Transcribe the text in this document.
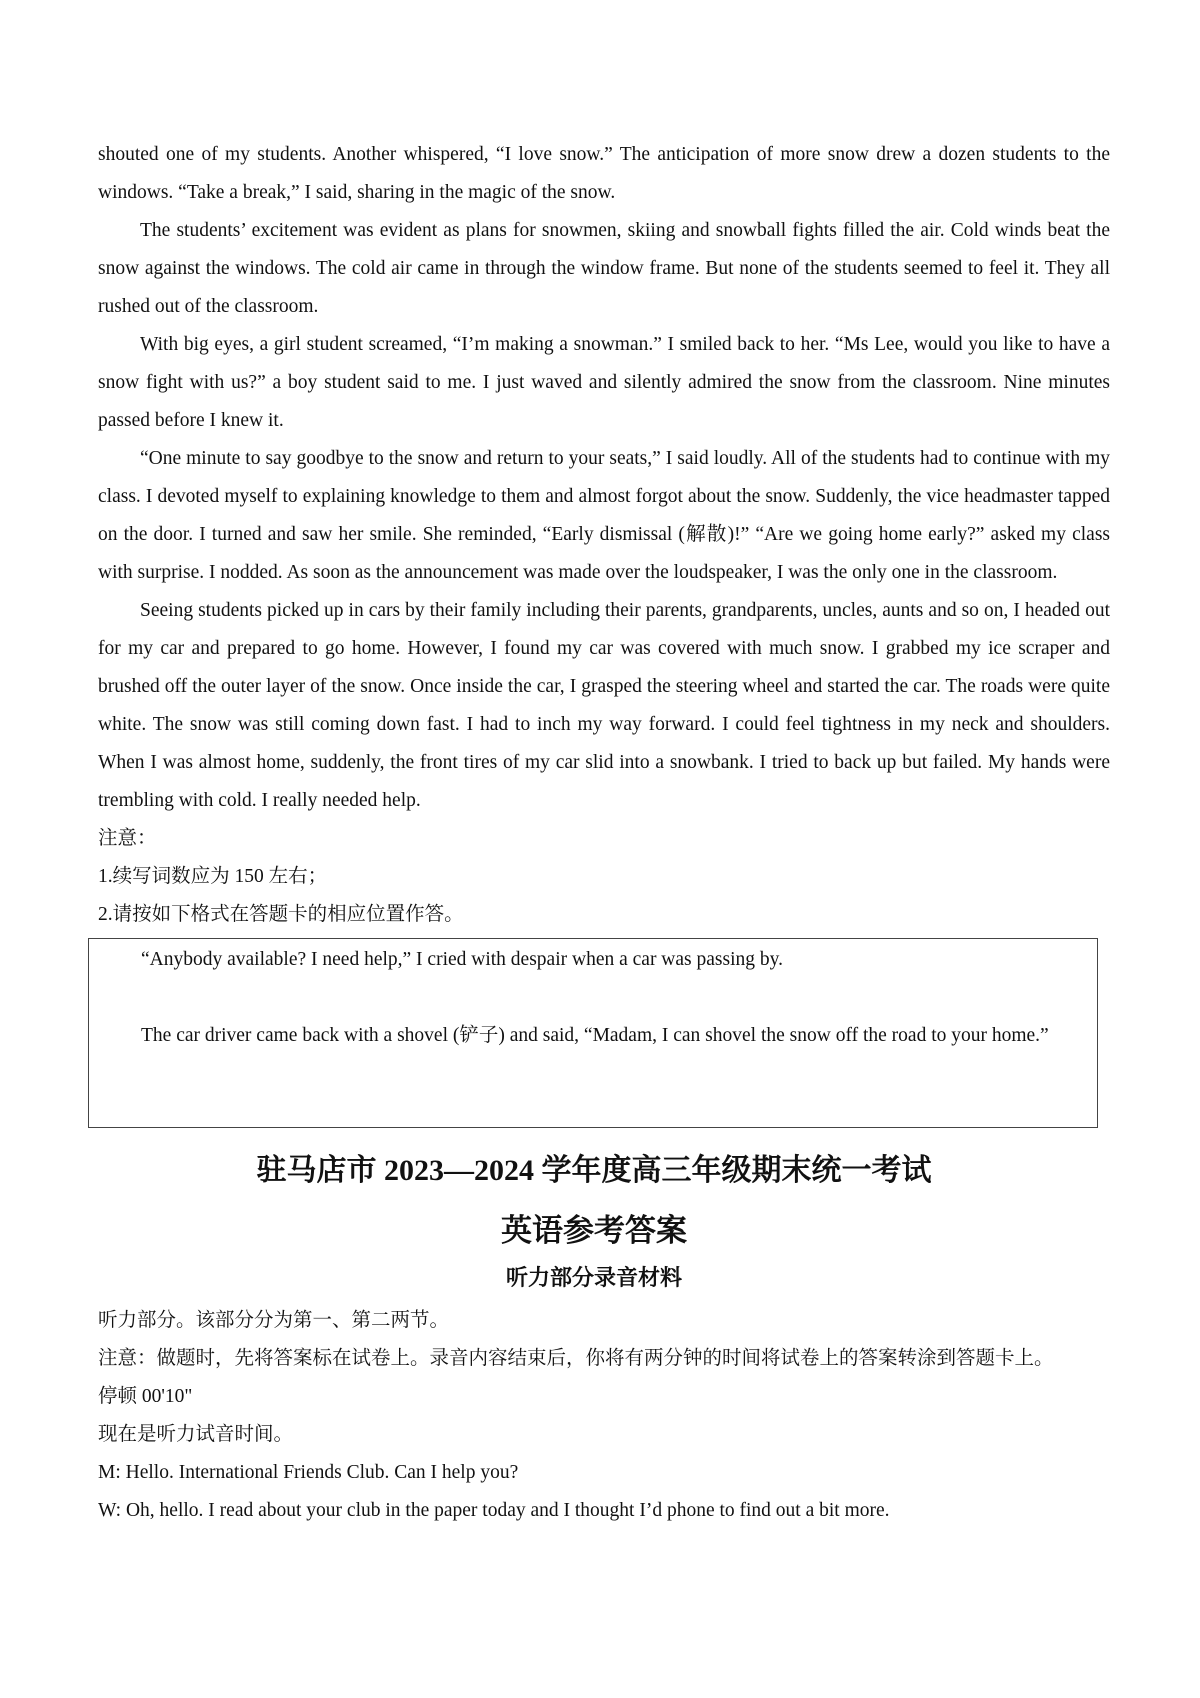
shouted one of my students. Another whispered, “I love snow.” The anticipation of more snow drew a dozen students to the windows. “Take a break,” I said, sharing in the magic of the snow.

The students’ excitement was evident as plans for snowmen, skiing and snowball fights filled the air. Cold winds beat the snow against the windows. The cold air came in through the window frame. But none of the students seemed to feel it. They all rushed out of the classroom.

With big eyes, a girl student screamed, “I’m making a snowman.” I smiled back to her. “Ms Lee, would you like to have a snow fight with us?” a boy student said to me. I just waved and silently admired the snow from the classroom. Nine minutes passed before I knew it.

“One minute to say goodbye to the snow and return to your seats,” I said loudly. All of the students had to continue with my class. I devoted myself to explaining knowledge to them and almost forgot about the snow. Suddenly, the vice headmaster tapped on the door. I turned and saw her smile. She reminded, “Early dismissal (解散)!” “Are we going home early?” asked my class with surprise. I nodded. As soon as the announcement was made over the loudspeaker, I was the only one in the classroom.

Seeing students picked up in cars by their family including their parents, grandparents, uncles, aunts and so on, I headed out for my car and prepared to go home. However, I found my car was covered with much snow. I grabbed my ice scraper and brushed off the outer layer of the snow. Once inside the car, I grasped the steering wheel and started the car. The roads were quite white. The snow was still coming down fast. I had to inch my way forward. I could feel tightness in my neck and shoulders. When I was almost home, suddenly, the front tires of my car slid into a snowbank. I tried to back up but failed. My hands were trembling with cold. I really needed help.

注意：

1.续写词数应为 150 左右；

2.请按如下格式在答题卡的相应位置作答。

“Anybody available? I need help,” I cried with despair when a car was passing by.

The car driver came back with a shovel (铲子) and said, “Madam, I can shovel the snow off the road to your home.”

驻马店市 2023—2024 学年度高三年级期末统一考试
英语参考答案
听力部分录音材料

听力部分。该部分分为第一、第二两节。

注意：做题时，先将答案标在试卷上。录音内容结束后，你将有两分钟的时间将试卷上的答案转涂到答题卡上。

停顿 00'10"

现在是听力试音时间。

M: Hello. International Friends Club. Can I help you?

W: Oh, hello. I read about your club in the paper today and I thought I’d phone to find out a bit more.
